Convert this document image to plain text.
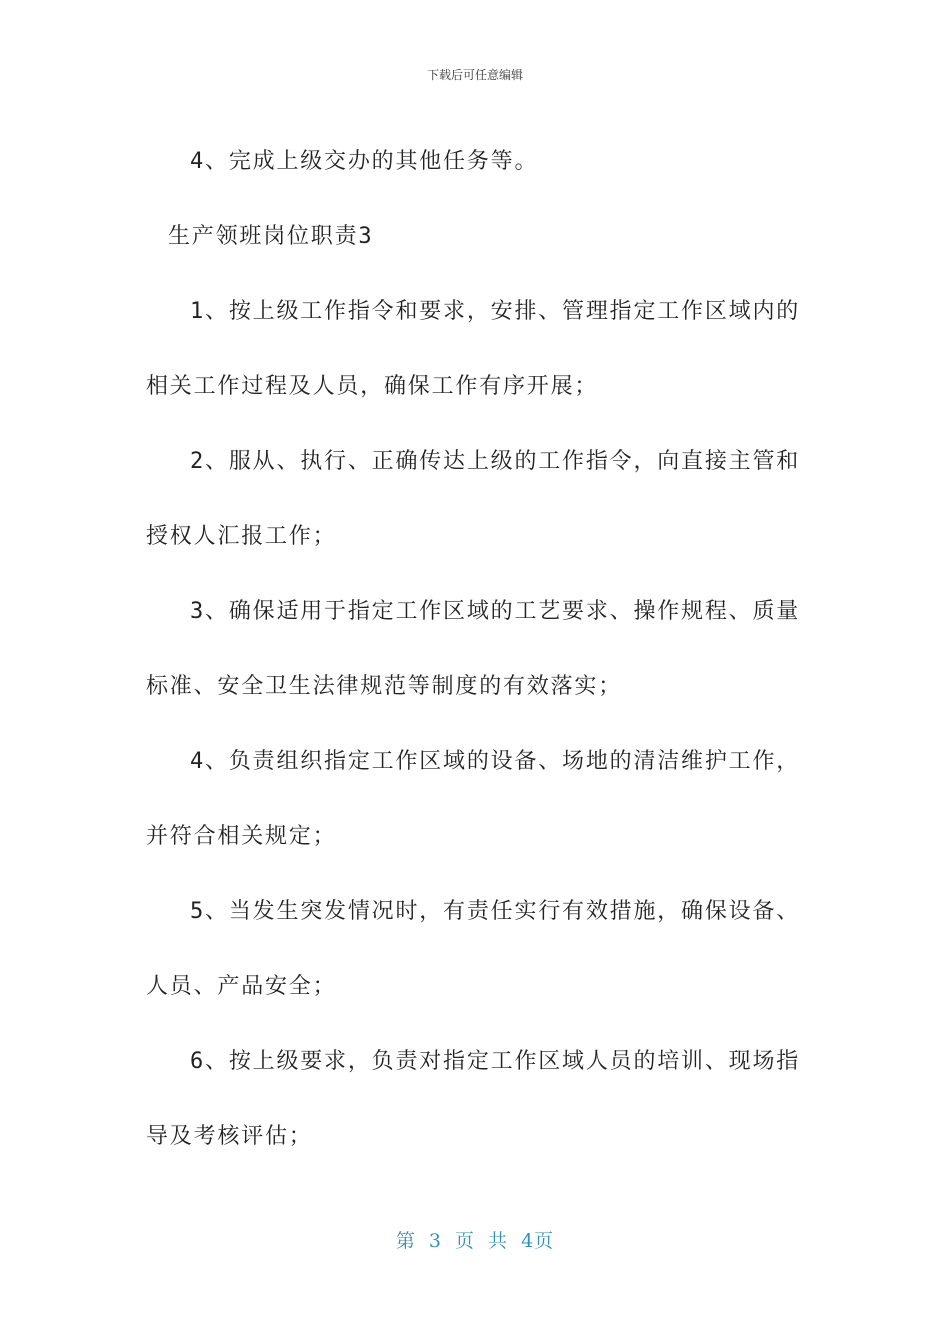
下载后可任意编辑
4、完成上级交办的其他任务等。
生产领班岗位职责3
1、按上级工作指令和要求，安排、管理指定工作区域内的
相关工作过程及人员，确保工作有序开展；
2、服从、执行、正确传达上级的工作指令，向直接主管和
授权人汇报工作；
3、确保适用于指定工作区域的工艺要求、操作规程、质量
标准、安全卫生法律规范等制度的有效落实；
4、负责组织指定工作区域的设备、场地的清洁维护工作，
并符合相关规定；
5、当发生突发情况时，有责任实行有效措施，确保设备、
人员、产品安全；
6、按上级要求，负责对指定工作区域人员的培训、现场指
导及考核评估；
第 3 页 共 4页
